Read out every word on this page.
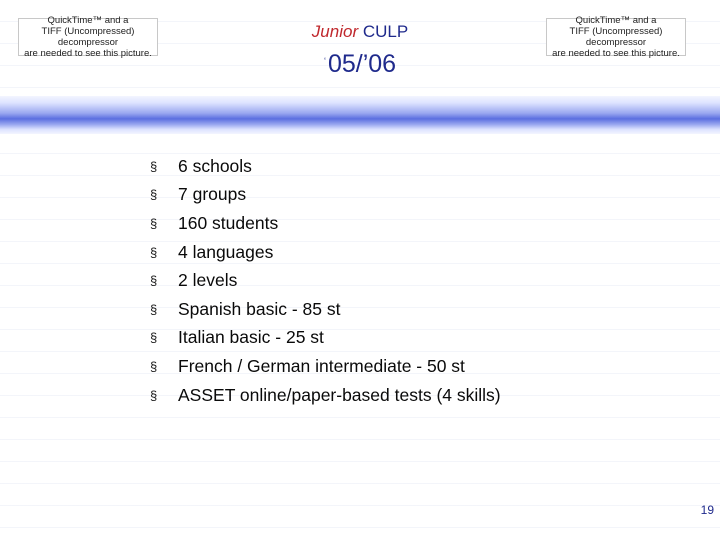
QuickTime™ and a
TIFF (Uncompressed) decompressor
are needed to see this picture.
QuickTime™ and a
TIFF (Uncompressed) decompressor
are needed to see this picture.
Junior CULP
‘05/’06
§	6 schools
§	7 groups
§	160 students
§	4 languages
§	2 levels
§	Spanish basic - 85 st
§	Italian basic - 25 st
§	French / German intermediate - 50 st
§	ASSET online/paper-based tests (4 skills)
19
